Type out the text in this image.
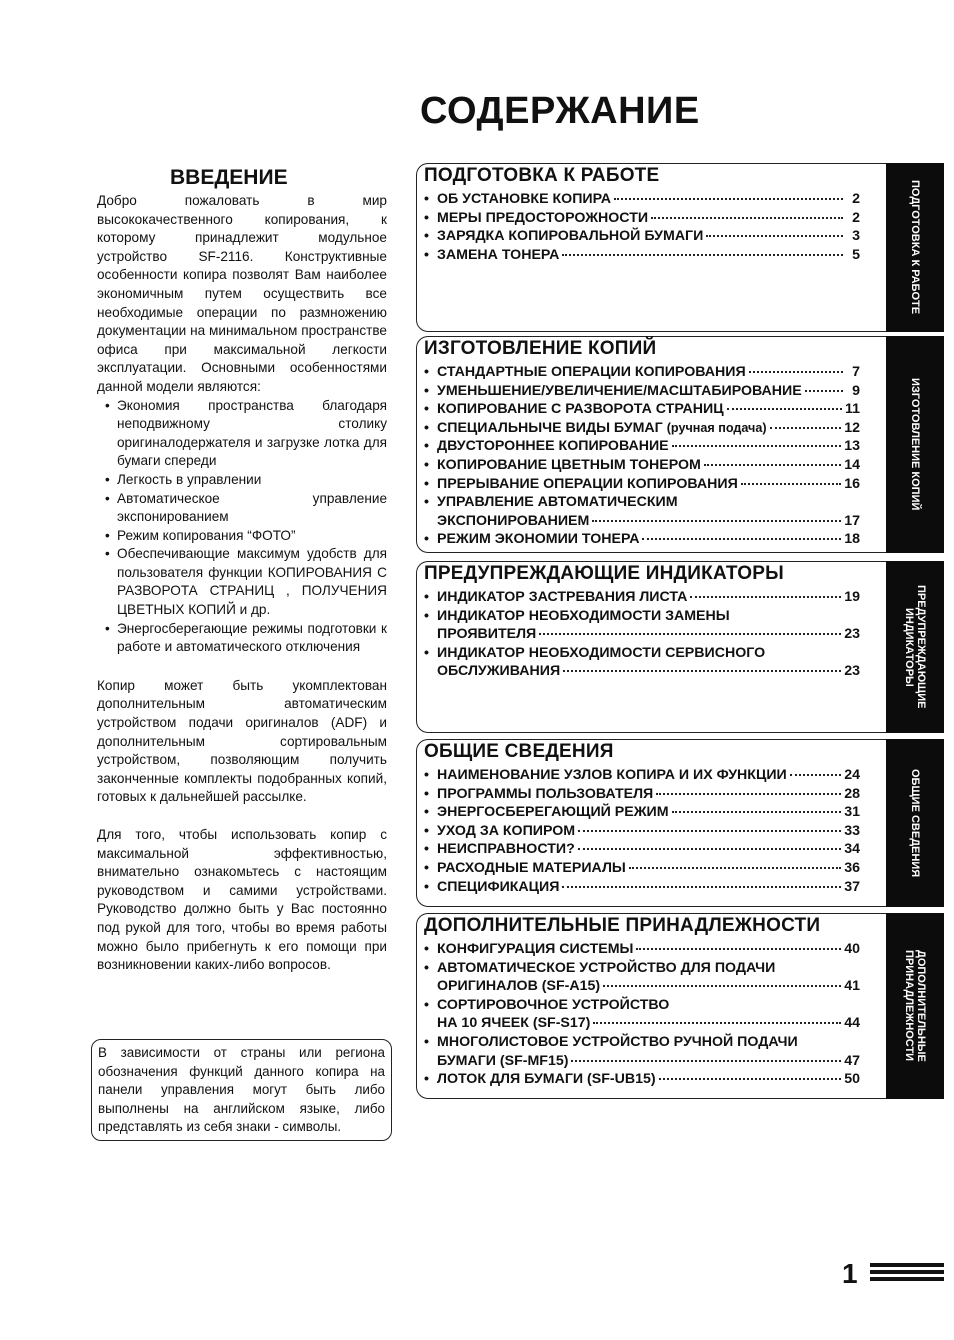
СОДЕРЖАНИЕ
ВВЕДЕНИЕ

Добро пожаловать в мир высококачественного копирования, к которому принадлежит модульное устройство SF-2116. Конструктивные особенности копира позволят Вам наиболее экономичным путем осуществить все необходимые операции по размножению документации на минимальном пространстве офиса при максимальной легкости эксплуатации. Основными особенностями данной модели являются:

• Экономия пространства благодаря неподвижному столику оригиналодержателя и загрузке лотка для бумаги спереди
• Легкость в управлении
• Автоматическое управление экспонированием
• Режим копирования “ФОТО”
• Обеспечивающие максимум удобств для пользователя функции КОПИРОВАНИЯ С РАЗВОРОТА СТРАНИЦ , ПОЛУЧЕНИЯ ЦВЕТНЫХ КОПИЙ и др.
• Энергосберегающие режимы подготовки к работе и автоматического отключения

Копир может быть укомплектован дополнительным автоматическим устройством подачи оригиналов (ADF) и дополнительным сортировальным устройством, позволяющим получить законченные комплекты подобранных копий, готовых к дальнейшей рассылке.

Для того, чтобы использовать копир с максимальной эффективностью, внимательно ознакомьтесь с настоящим руководством и самими устройствами. Руководство должно быть у Вас постоянно под рукой для того, чтобы во время работы можно было прибегнуть к его помощи при возникновении каких-либо вопросов.

В зависимости от страны или региона обозначения функций данного копира на панели управления могут быть либо выполнены на английском языке, либо представлять из себя знаки - символы.
ПОДГОТОВКА К РАБОТЕ
ПОДГОТОВКА К РАБОТЕ
• ОБ УСТАНОВКЕ КОПИРА	2
• МЕРЫ ПРЕДОСТОРОЖНОСТИ	2
• ЗАРЯДКА КОПИРОВАЛЬНОЙ БУМАГИ	3
• ЗАМЕНА ТОНЕРА	5
ИЗГОТОВЛЕНИЕ КОПИЙ
ИЗГОТОВЛЕНИЕ КОПИЙ
• СТАНДАРТНЫЕ ОПЕРАЦИИ КОПИРОВАНИЯ	7
• УМЕНЬШЕНИЕ/УВЕЛИЧЕНИЕ/МАСШТАБИРОВАНИЕ	9
• КОПИРОВАНИЕ С РАЗВОРОТА СТРАНИЦ	11
• СПЕЦИАЛЬНЫЧЕ ВИДЫ БУМАГ (ручная подача)	12
• ДВУСТОРОННЕЕ КОПИРОВАНИЕ	13
• КОПИРОВАНИЕ ЦВЕТНЫМ ТОНЕРОМ	14
• ПРЕРЫВАНИЕ ОПЕРАЦИИ КОПИРОВАНИЯ	16
• УПРАВЛЕНИЕ АВТОМАТИЧЕСКИМ
ЭКСПОНИРОВАНИЕМ	17
• РЕЖИМ ЭКОНОМИИ ТОНЕРА	18
ПРЕДУПРЕЖДАЮЩИЕ
ИНДИКАТОРЫ
ПРЕДУПРЕЖДАЮЩИЕ ИНДИКАТОРЫ
• ИНДИКАТОР ЗАСТРЕВАНИЯ ЛИСТА	19
• ИНДИКАТОР НЕОБХОДИМОСТИ ЗАМЕНЫ
ПРОЯВИТЕЛЯ	23
• ИНДИКАТОР НЕОБХОДИМОСТИ СЕРВИСНОГО
ОБСЛУЖИВАНИЯ	23
ОБЩИЕ СВЕДЕНИЯ
ОБЩИЕ СВЕДЕНИЯ
• НАИМЕНОВАНИЕ УЗЛОВ КОПИРА И ИХ ФУНКЦИИ	24
• ПРОГРАММЫ ПОЛЬЗОВАТЕЛЯ	28
• ЭНЕРГОСБЕРЕГАЮЩИЙ РЕЖИМ	31
• УХОД ЗА КОПИРОМ	33
• НЕИСПРАВНОСТИ?	34
• РАСХОДНЫЕ МАТЕРИАЛЫ	36
• СПЕЦИФИКАЦИЯ	37
ДОПОЛНИТЕЛЬНЫЕ
ПРИНАДЛЕЖНОСТИ
ДОПОЛНИТЕЛЬНЫЕ ПРИНАДЛЕЖНОСТИ
• КОНФИГУРАЦИЯ СИСТЕМЫ	40
• АВТОМАТИЧЕСКОЕ УСТРОЙСТВО ДЛЯ ПОДАЧИ
ОРИГИНАЛОВ (SF-A15)	41
• СОРТИРОВОЧНОЕ УСТРОЙСТВО
НА 10 ЯЧЕЕК (SF-S17)	44
• МНОГОЛИСТОВОЕ УСТРОЙСТВО РУЧНОЙ ПОДАЧИ
БУМАГИ (SF-MF15)	47
• ЛОТОК ДЛЯ БУМАГИ (SF-UB15)	50
1
